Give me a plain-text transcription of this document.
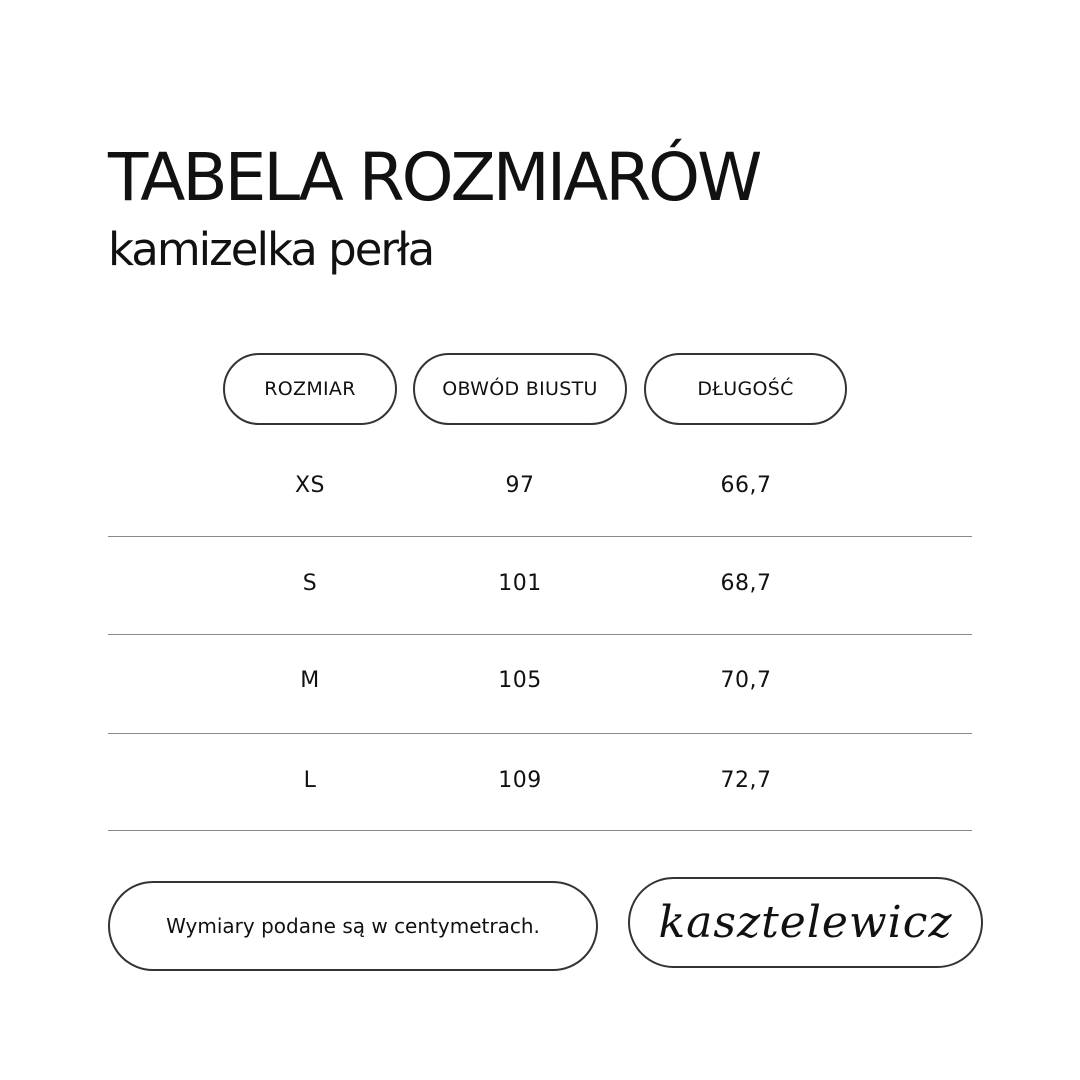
TABELA ROZMIARÓW
kamizelka perła
ROZMIAR	OBWÓD BIUSTU	DŁUGOŚĆ
XS	97	66,7
S	101	68,7
M	105	70,7
L	109	72,7
Wymiary podane są w centymetrach.	kasztelewicz
